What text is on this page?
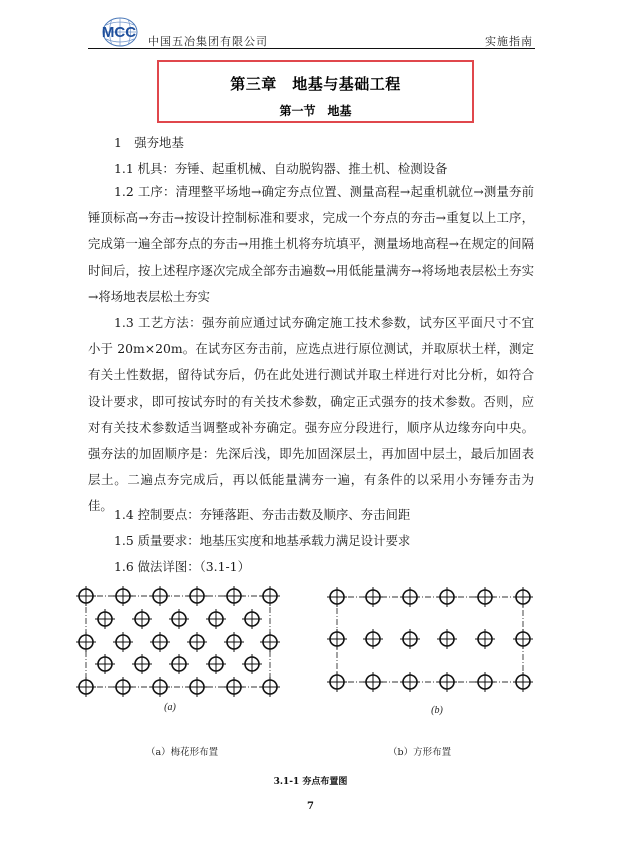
MCC
中国五冶集团有限公司	实施指南
第三章　地基与基础工程
第一节　地基
1　强夯地基
1.1 机具：夯锤、起重机械、自动脱钩器、推土机、检测设备
1.2 工序：清理整平场地→确定夯点位置、测量高程→起重机就位→测量夯前锤顶标高→夯击→按设计控制标准和要求，完成一个夯点的夯击→重复以上工序，完成第一遍全部夯点的夯击→用推土机将夯坑填平，测量场地高程→在规定的间隔时间后，按上述程序逐次完成全部夯击遍数→用低能量满夯→将场地表层松土夯实→将场地表层松土夯实
1.3 工艺方法：强夯前应通过试夯确定施工技术参数，试夯区平面尺寸不宜小于 20m×20m。在试夯区夯击前，应选点进行原位测试，并取原状土样，测定有关土性数据，留待试夯后，仍在此处进行测试并取土样进行对比分析，如符合设计要求，即可按试夯时的有关技术参数，确定正式强夯的技术参数。否则，应对有关技术参数适当调整或补夯确定。强夯应分段进行，顺序从边缘夯向中央。强夯法的加固顺序是：先深后浅，即先加固深层土，再加固中层土，最后加固表层土。二遍点夯完成后，再以低能量满夯一遍，有条件的以采用小夯锤夯击为佳。
1.4 控制要点：夯锤落距、夯击击数及顺序、夯击间距
1.5 质量要求：地基压实度和地基承载力满足设计要求
1.6 做法详图：（3.1-1）
(a)	(b)
（a）梅花形布置	（b）方形布置
3.1-1 夯点布置图
7
